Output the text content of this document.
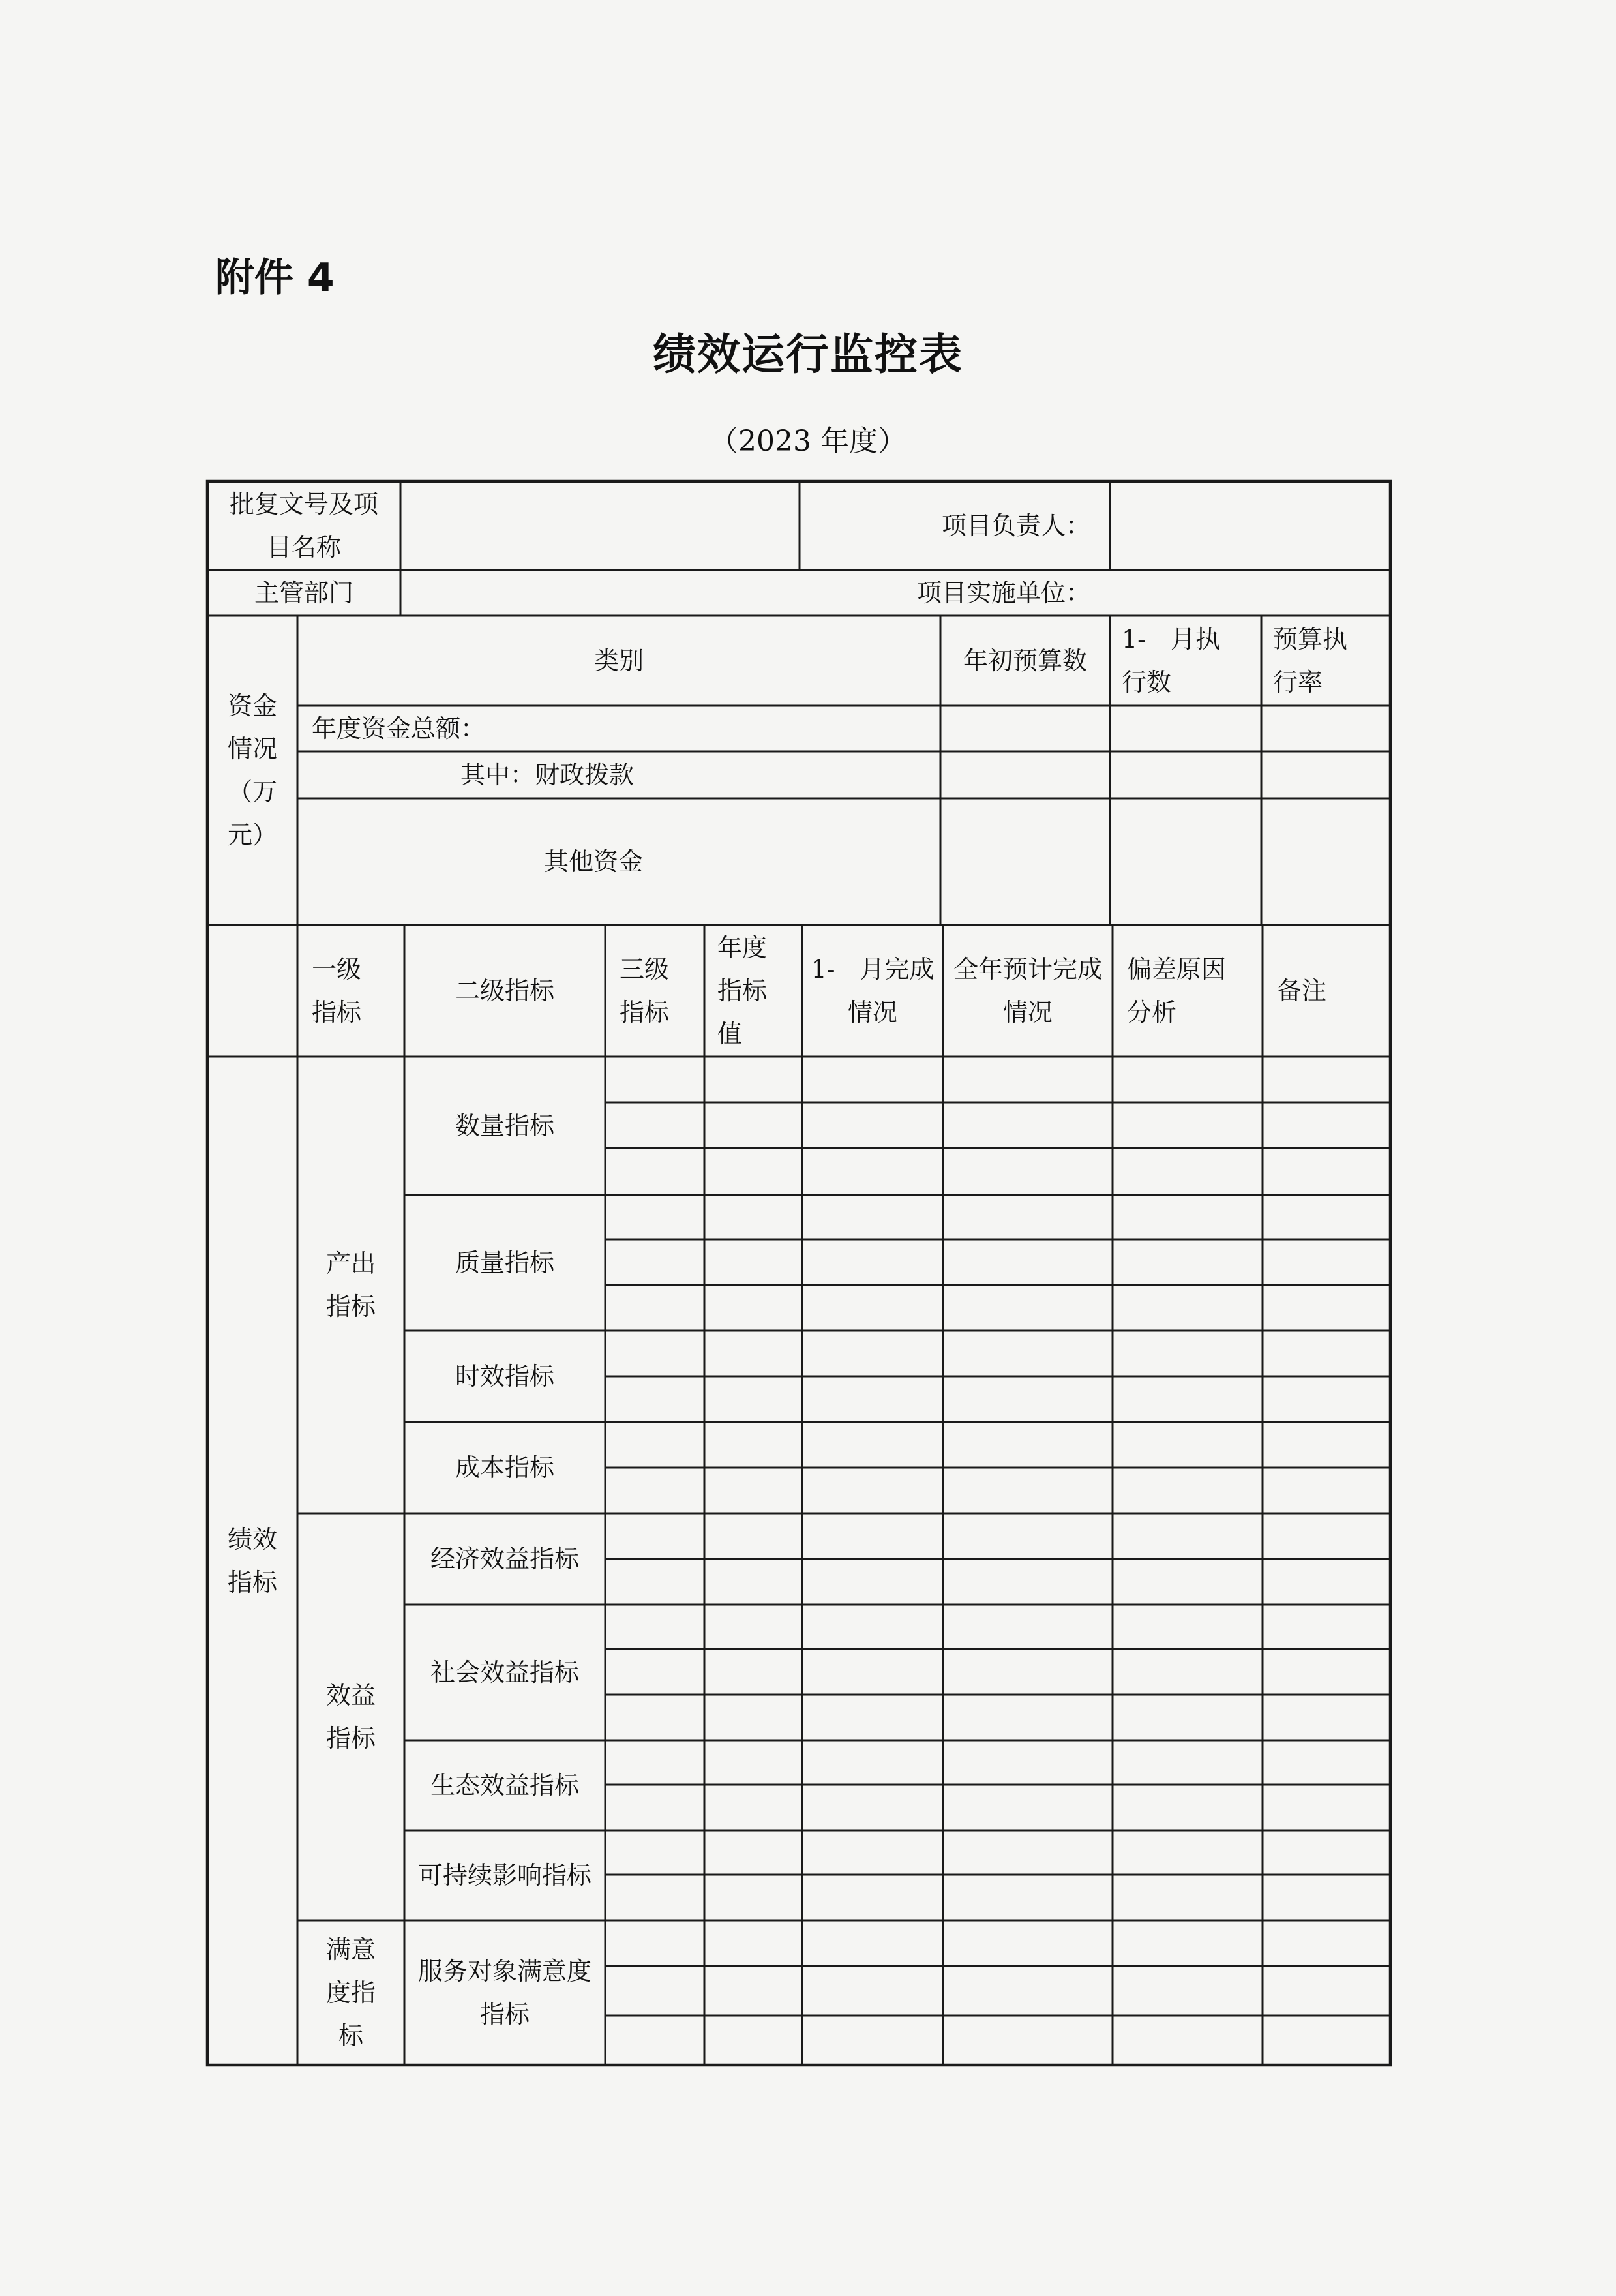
附件 4
绩效运行监控表
（2023 年度）
批复文号及项目名称
项目负责人：
主管部门	项目实施单位：
资金情况（万元）
类别	年初预算数
1-　月执行数
预算执行率
年度资金总额：
其中：财政拨款
其他资金
一级指标
二级指标
三级指标
年度指标值
1-　月完成情况
全年预计完成情况
偏差原因分析
备注
绩效指标
产出指标
效益指标
满意度指标
数量指标
质量指标
时效指标
成本指标
经济效益指标
社会效益指标
生态效益指标
可持续影响指标
服务对象满意度指标
